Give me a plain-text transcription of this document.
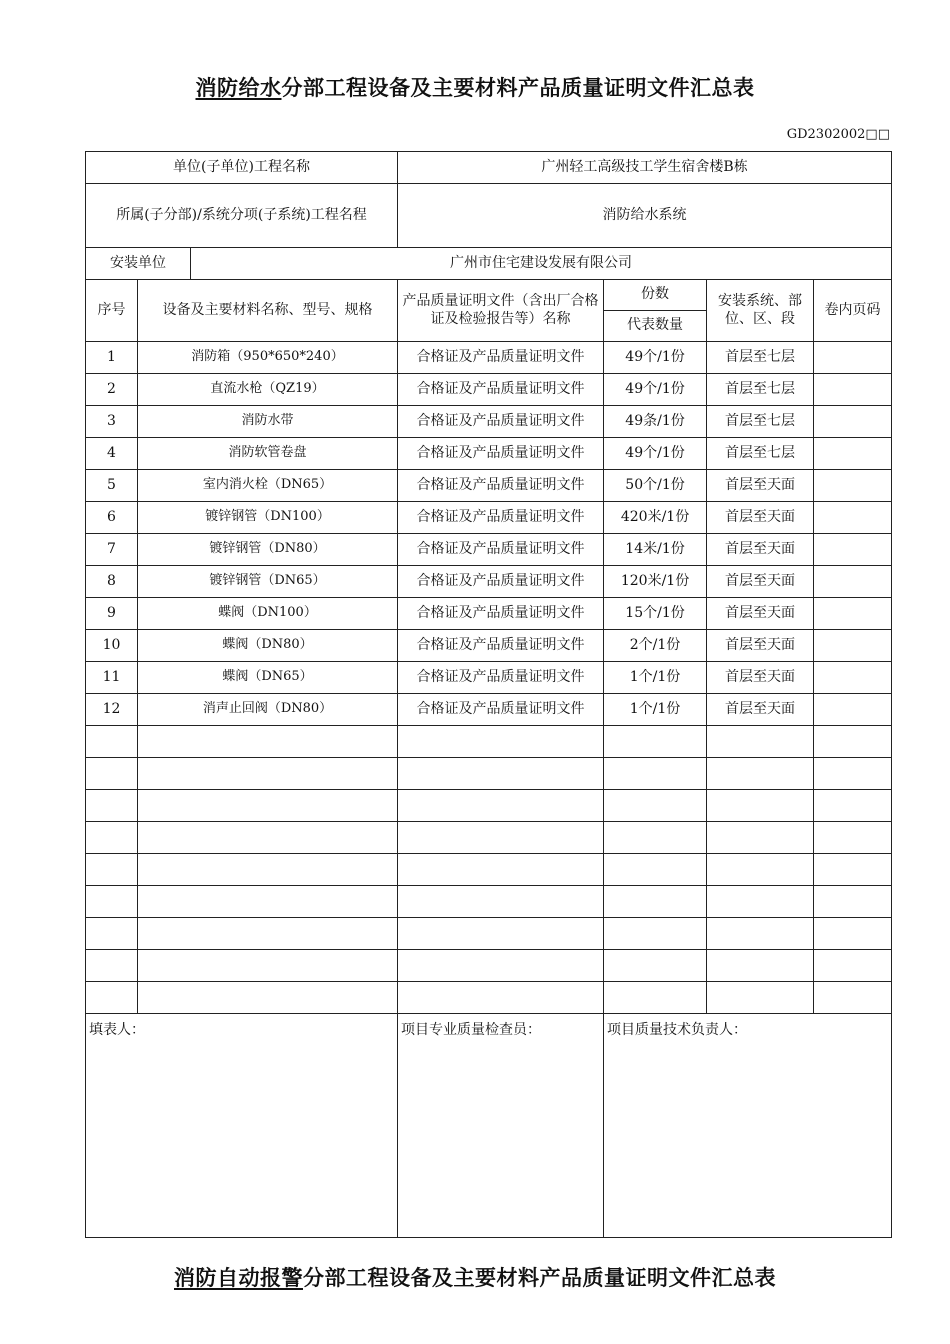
消防给水分部工程设备及主要材料产品质量证明文件汇总表
GD2302002□□
单位(子单位)工程名称			广州轻工高级技工学生宿舍楼B栋			
所属(子分部)/系统分项(子系统)工程名程			消防给水系统			
安装单位		广州市住宅建设发展有限公司				
序号	设备及主要材料名称、型号、规格		产品质量证明文件（含出厂合格证及检验报告等）名称	份数	安装系统、部位、区、段	卷内页码
				代表数量		
1	消防箱（950*650*240）		合格证及产品质量证明文件	49个/1份	首层至七层	
2	直流水枪（QZ19）		合格证及产品质量证明文件	49个/1份	首层至七层	
3	消防水带		合格证及产品质量证明文件	49条/1份	首层至七层	
4	消防软管卷盘		合格证及产品质量证明文件	49个/1份	首层至七层	
5	室内消火栓（DN65）		合格证及产品质量证明文件	50个/1份	首层至天面	
6	镀锌钢管（DN100）		合格证及产品质量证明文件	420米/1份	首层至天面	
7	镀锌钢管（DN80）		合格证及产品质量证明文件	14米/1份	首层至天面	
8	镀锌钢管（DN65）		合格证及产品质量证明文件	120米/1份	首层至天面	
9	蝶阀（DN100）		合格证及产品质量证明文件	15个/1份	首层至天面	
10	蝶阀（DN80）		合格证及产品质量证明文件	2个/1份	首层至天面	
11	蝶阀（DN65）		合格证及产品质量证明文件	1个/1份	首层至天面	
12	消声止回阀（DN80）		合格证及产品质量证明文件	1个/1份	首层至天面	

填表人：			项目专业质量检查员：	项目质量技术负责人：		
消防自动报警分部工程设备及主要材料产品质量证明文件汇总表
